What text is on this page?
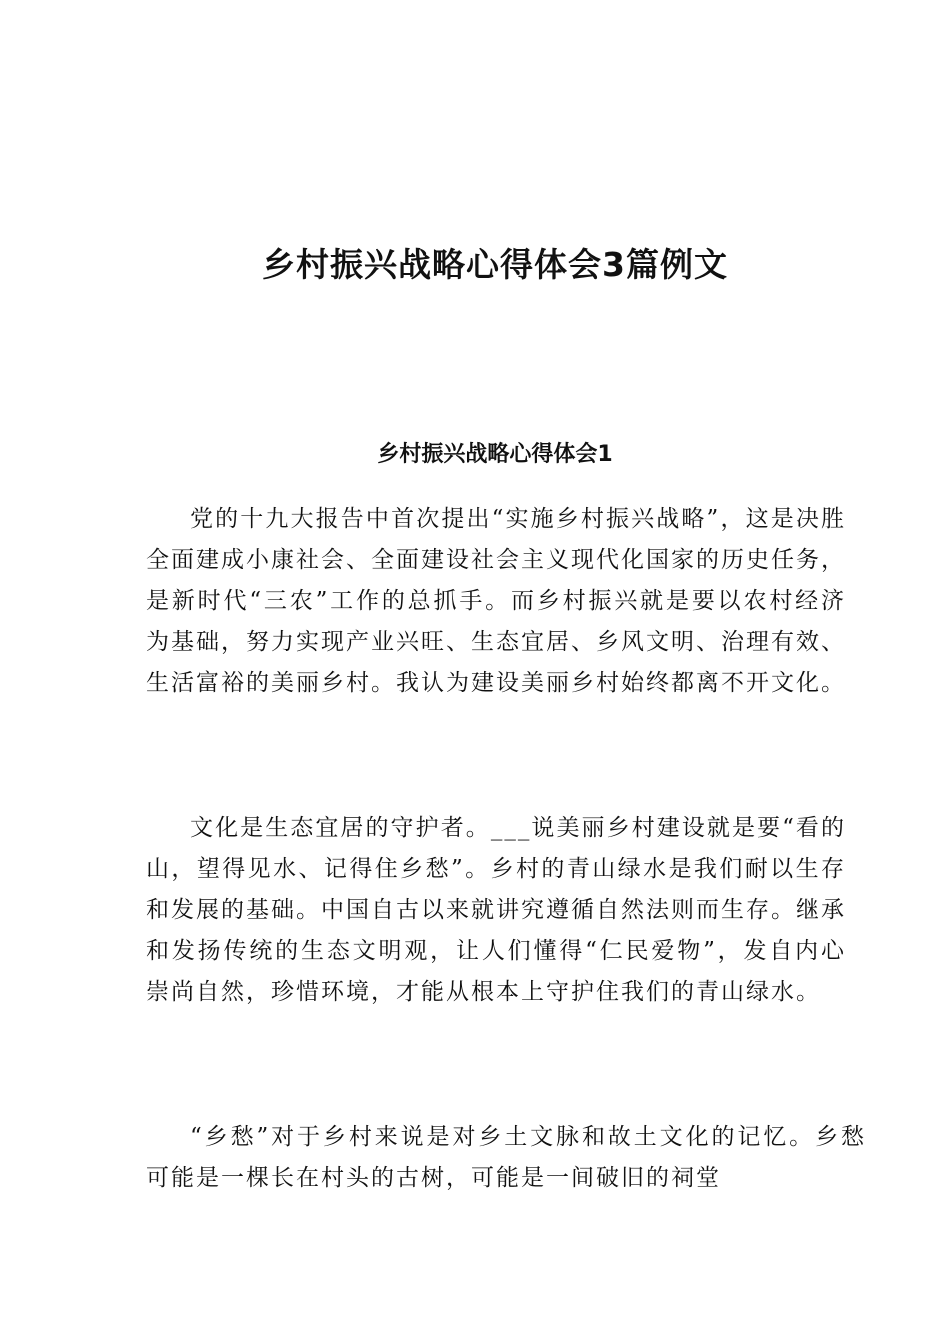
乡村振兴战略心得体会3篇例文
乡村振兴战略心得体会1

党的十九大报告中首次提出“实施乡村振兴战略”，这是决胜全面建成小康社会、全面建设社会主义现代化国家的历史任务，是新时代“三农”工作的总抓手。而乡村振兴就是要以农村经济为基础，努力实现产业兴旺、生态宜居、乡风文明、治理有效、生活富裕的美丽乡村。我认为建设美丽乡村始终都离不开文化。

文化是生态宜居的守护者。___说美丽乡村建设就是要“看的山，望得见水、记得住乡愁”。乡村的青山绿水是我们耐以生存和发展的基础。中国自古以来就讲究遵循自然法则而生存。继承和发扬传统的生态文明观，让人们懂得“仁民爱物”，发自内心崇尚自然，珍惜环境，才能从根本上守护住我们的青山绿水。

“乡愁”对于乡村来说是对乡土文脉和故土文化的记忆。乡愁可能是一棵长在村头的古树，可能是一间破旧的祠堂
